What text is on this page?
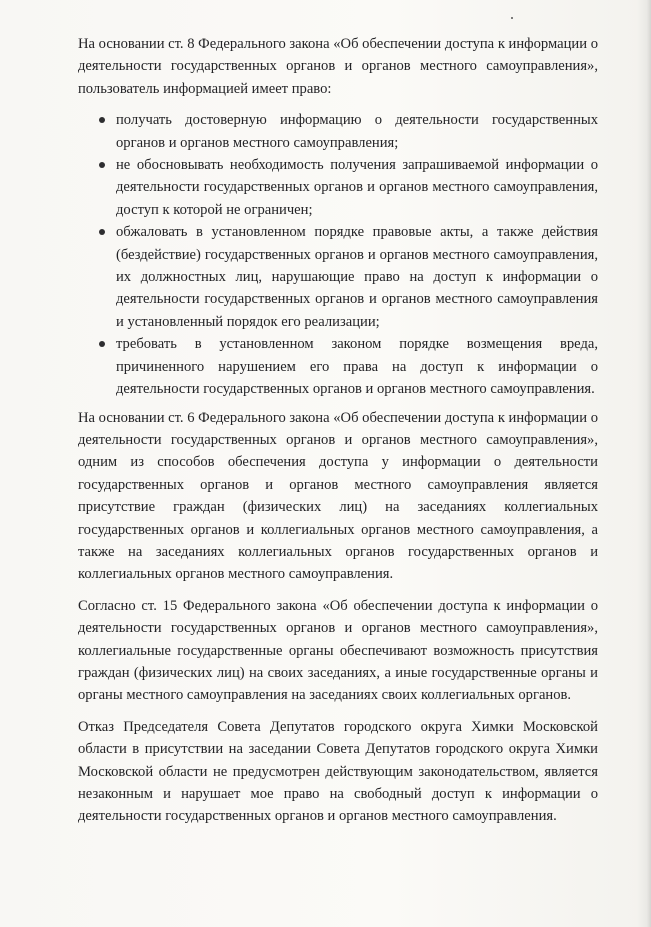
На основании ст. 8 Федерального закона «Об обеспечении доступа к информации о деятельности государственных органов и органов местного самоуправления», пользователь информацией имеет право:

получать достоверную информацию о деятельности государственных органов и органов местного самоуправления;
не обосновывать необходимость получения запрашиваемой информации о деятельности государственных органов и органов местного самоуправления, доступ к которой не ограничен;
обжаловать в установленном порядке правовые акты, а также действия (бездействие) государственных органов и органов местного самоуправления, их должностных лиц, нарушающие право на доступ к информации о деятельности государственных органов и органов местного самоуправления и установленный порядок его реализации;
требовать в установленном законом порядке возмещения вреда, причиненного нарушением его права на доступ к информации о деятельности государственных органов и органов местного самоуправления.

На основании ст. 6 Федерального закона «Об обеспечении доступа к информации о деятельности государственных органов и органов местного самоуправления», одним из способов обеспечения доступа у информации о деятельности государственных органов и органов местного самоуправления является присутствие граждан (физических лиц) на заседаниях коллегиальных государственных органов и коллегиальных органов местного самоуправления, а также на заседаниях коллегиальных органов государственных органов и коллегиальных органов местного самоуправления.

Согласно ст. 15 Федерального закона «Об обеспечении доступа к информации о деятельности государственных органов и органов местного самоуправления», коллегиальные государственные органы обеспечивают возможность присутствия граждан (физических лиц) на своих заседаниях, а иные государственные органы и органы местного самоуправления на заседаниях своих коллегиальных органов.

Отказ Председателя Совета Депутатов городского округа Химки Московской области в присутствии на заседании Совета Депутатов городского округа Химки Московской области не предусмотрен действующим законодательством, является незаконным и нарушает мое право на свободный доступ к информации о деятельности государственных органов и органов местного самоуправления.
